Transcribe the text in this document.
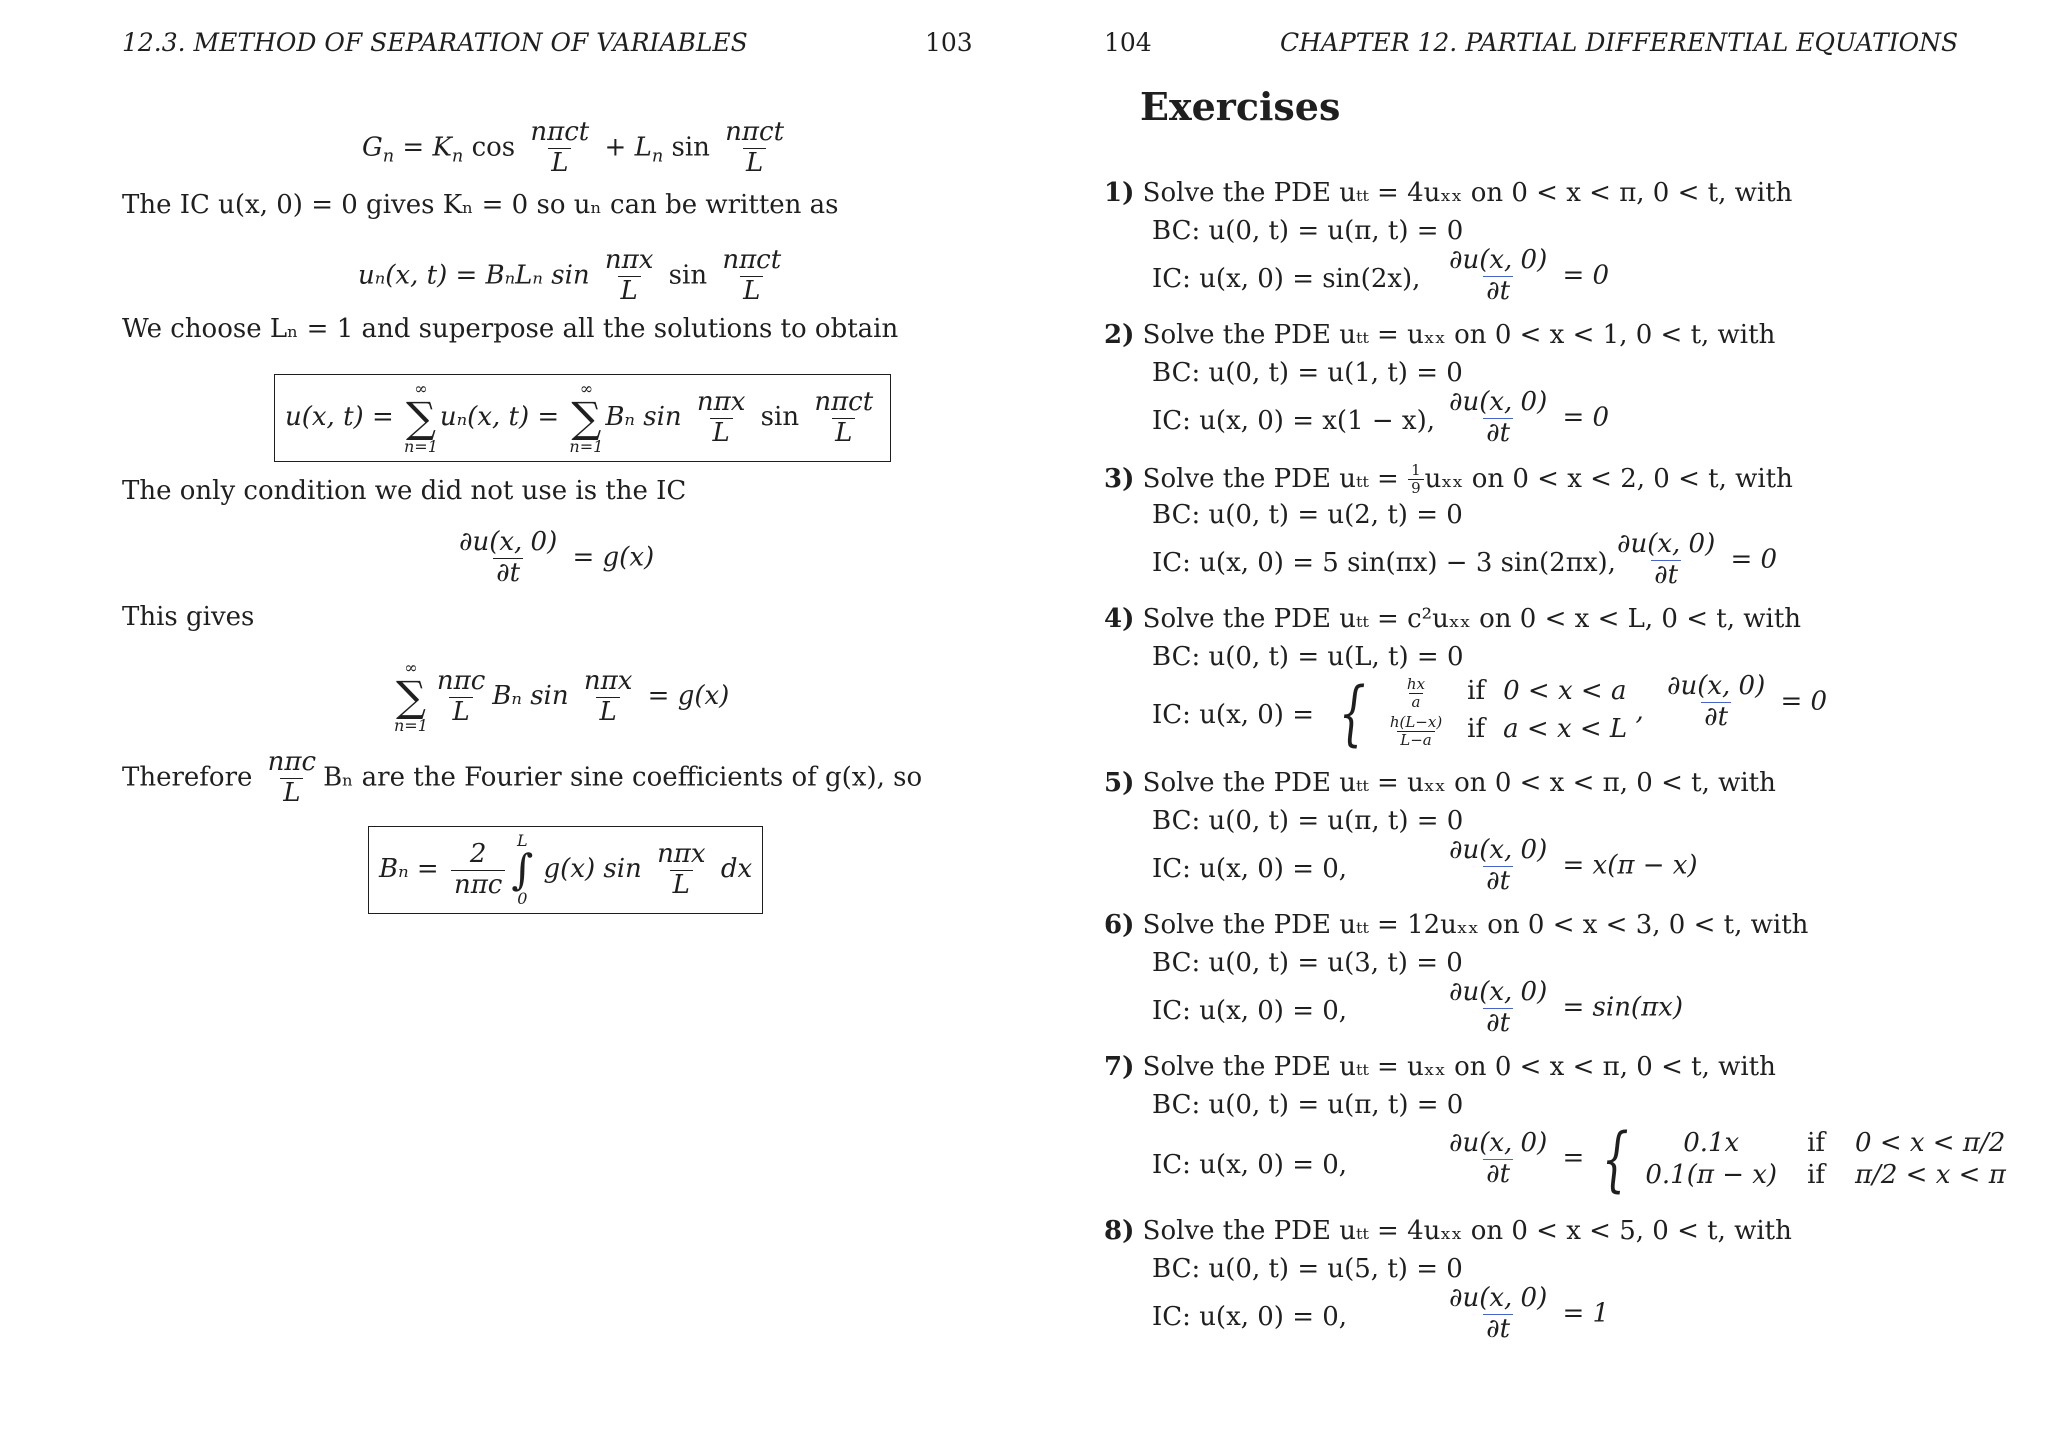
12.3. METHOD OF SEPARATION OF VARIABLES	103
$G_n = K_n$ $\cos \frac{\text{nπct}}{L} + L_n$ $\sin \frac{\text{nπct}}{L}$
The IC u(x, 0) = 0 gives Kₙ = 0 so uₙ can be written as
uₙ(x, t) = BₙLₙ $\sin \frac{\text{nπx}}{L}$ $\sin \frac{\text{nπct}}{L}$
We choose Lₙ = 1 and superpose all the solutions to obtain
u(x, t) =
∞
∑
n=1
uₙ(x, t) =
∞
∑
n=1
Bₙ $\sin \frac{\text{nπx}}{L}$ $\sin \frac{\text{nπct}}{L}$
The only condition we did not use is the IC
$\frac{\partial u(x, 0)}{\partial t} = g(x)$
This gives
∞
∑
$n=1 \frac{\text{nπc}}{L}$ Bₙ $\sin \frac{\text{nπx}}{L} = g(x)$
Therefore $\frac{\text{nπc}}{L}$ Bₙ are the Fourier sine coefficients of g(x), so
$B_n = \frac{2}{\text{nπc}}$ L
∫
0
g(x) $\sin \frac{\text{nπx}}{L}$ dx
104	CHAPTER 12. PARTIAL DIFFERENTIAL EQUATIONS
Exercises
1) Solve the PDE uₜₜ = 4uₓₓ on 0 < x < π, 0 < t, with
BC: u(0, t) = u(π, t) = 0
IC: u(x, 0) = sin(2x), $\frac{\partial u(x, 0)}{\partial t} = 0$
2) Solve the PDE uₜₜ = uₓₓ on 0 < x < 1, 0 < t, with
BC: u(0, t) = u(1, t) = 0
IC: u(x, 0) = x(1 − x), $\frac{\partial u(x, 0)}{\partial t} = 0$
3) Solve the PDE $u_{tt} = \frac{1}{9}$ uₓₓ on 0 < x < 2, 0 < t, with
BC: u(0, t) = u(2, t) = 0
IC: u(x, 0) = 5 sin(πx) − 3 sin(2πx),
$\frac{\partial u(x, 0)}{\partial t} = 0$
4) Solve the PDE uₜₜ = c²uₓₓ on 0 < x < L, 0 < t, with
BC: u(0, t) = u(L, t) = 0
IC: u(x, 0) = { $\frac{hx}{a}$ if 0 < x < a
$\frac{h(L-x)}{L-a}$ if a < x < L
, $\frac{\partial u(x, 0)}{\partial t} = 0$
5) Solve the PDE uₜₜ = uₓₓ on 0 < x < π, 0 < t, with
BC: u(0, t) = u(π, t) = 0
IC: u(x, 0) = 0,	$\frac{\partial u(x, 0)}{\partial t} = x(\pi - x)$
6) Solve the PDE uₜₜ = 12uₓₓ on 0 < x < 3, 0 < t, with
BC: u(0, t) = u(3, t) = 0
IC: u(x, 0) = 0,	$\frac{\partial u(x, 0)}{\partial t} = \sin(\pi x)$
7) Solve the PDE uₜₜ = uₓₓ on 0 < x < π, 0 < t, with
BC: u(0, t) = u(π, t) = 0
IC: u(x, 0) = 0,	$\frac{\partial u(x, 0)}{\partial t}$ = {	0.1x	if 0 < x < π/2
0.1(π − x) if π/2 < x < π
8) Solve the PDE uₜₜ = 4uₓₓ on 0 < x < 5, 0 < t, with
BC: u(0, t) = u(5, t) = 0
IC: u(x, 0) = 0,	$\frac{\partial u(x, 0)}{\partial t} = 1$
